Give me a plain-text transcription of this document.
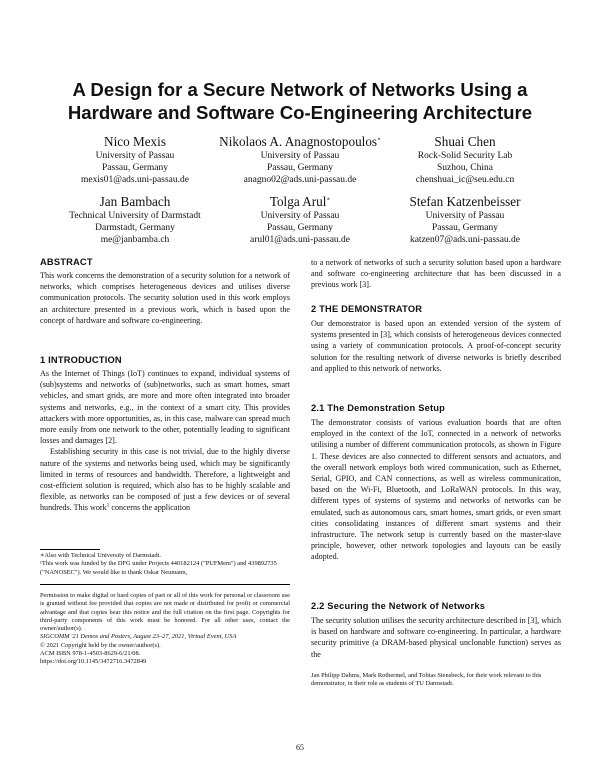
A Design for a Secure Network of Networks Using a
Hardware and Software Co-Engineering Architecture
Nico Mexis
University of Passau
Passau, Germany
mexis01@ads.uni-passau.de
Nikolaos A. Anagnostopoulos∗
University of Passau
Passau, Germany
anagno02@ads.uni-passau.de
Shuai Chen
Rock-Solid Security Lab
Suzhou, China
chenshuai_ic@seu.edu.cn
Jan Bambach
Technical University of Darmstadt
Darmstadt, Germany
me@janbamba.ch
Tolga Arul∗
University of Passau
Passau, Germany
arul01@ads.uni-passau.de
Stefan Katzenbeisser
University of Passau
Passau, Germany
katzen07@ads.uni-passau.de
ABSTRACT

This work concerns the demonstration of a security solution for a network of networks, which comprises heterogeneous devices and utilises diverse communication protocols. The security solution used in this work employs an architecture presented in a previous work, which is based upon the concept of hardware and software co-engineering.

1 INTRODUCTION

As the Internet of Things (IoT) continues to expand, individual systems of (sub)systems and networks of (sub)networks, such as smart homes, smart vehicles, and smart grids, are more and more often integrated into broader systems and networks, e.g., in the context of a smart city. This provides attackers with more opportunities, as, in this case, malware can spread much more easily from one network to the other, potentially leading to significant losses and damages [2].

Establishing security in this case is not trivial, due to the highly diverse nature of the systems and networks being used, which may be significantly limited in terms of resources and bandwidth. Therefore, a lightweight and cost-efficient solution is required, which also has to be highly scalable and flexible, as networks can be composed of just a few devices or of several hundreds. This work$^1$ concerns the application

∗Also with Technical University of Darmstadt.
¹This work was funded by the DFG under Projects 440182124 ("PUFMem") and 439892735 ("NANOSEC"). We would like to thank Oskar Neumann,
Permission to make digital or hard copies of part or all of this work for personal or classroom use is granted without fee provided that copies are not made or distributed for profit or commercial advantage and that copies bear this notice and the full citation on the first page. Copyrights for third-party components of this work must be honored. For all other uses, contact the owner/author(s).
SIGCOMM '21 Demos and Posters, August 23–27, 2021, Virtual Event, USA
© 2021 Copyright held by the owner/author(s).
ACM ISBN 978-1-4503-8629-6/21/08.
https://doi.org/10.1145/3472716.3472849

to a network of networks of such a security solution based upon a hardware and software co-engineering architecture that has been discussed in a previous work [3].

2 THE DEMONSTRATOR

Our demonstrator is based upon an extended version of the system of systems presented in [3], which consists of heterogeneous devices connected using a variety of communication protocols. A proof-of-concept security solution for the resulting network of diverse networks is briefly described and applied to this network of networks.

2.1 The Demonstration Setup

The demonstrator consists of various evaluation boards that are often employed in the context of the IoT, connected in a network of networks utilising a number of different communication protocols, as shown in Figure 1. These devices are also connected to different sensors and actuators, and the overall network employs both wired communication, such as Ethernet, Serial, GPIO, and CAN connections, as well as wireless communication, based on the Wi-Fi, Bluetooth, and LoRaWAN protocols. In this way, different types of systems of systems and networks of networks can be emulated, such as autonomous cars, smart homes, smart grids, or even smart cities consolidating instances of different smart systems and their infrastructure. The network setup is currently based on the master-slave principle, however, other network topologies and layouts can be easily adopted.

2.2 Securing the Network of Networks

The security solution utilises the security architecture described in [3], which is based on hardware and software co-engineering. In particular, a hardware security primitive (a DRAM-based physical unclonable function) serves as the

Jan Philipp Dahms, Mark Rothermel, and Tobias Stensbeck, for their work relevant to this demonstrator, in their role as students of TU Darmstadt.
65
